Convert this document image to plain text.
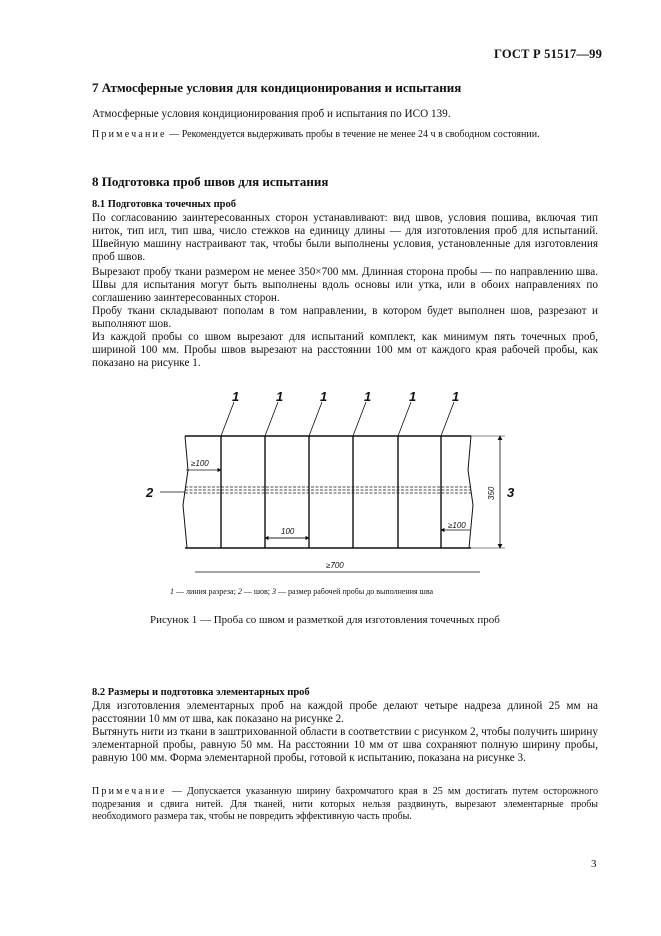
ГОСТ Р 51517—99
7 Атмосферные условия для кондиционирования и испытания
Атмосферные условия кондиционирования проб и испытания по ИСО 139.
Примечание — Рекомендуется выдерживать пробы в течение не менее 24 ч в свободном состоянии.
8 Подготовка проб швов для испытания
8.1 Подготовка точечных проб
По согласованию заинтересованных сторон устанавливают: вид швов, условия пошива, включая тип ниток, тип игл, тип шва, число стежков на единицу длины — для изготовления проб для испытаний. Швейную машину настраивают так, чтобы были выполнены условия, установленные для изготовления проб швов.
Вырезают пробу ткани размером не менее 350×700 мм. Длинная сторона пробы — по направлению шва. Швы для испытания могут быть выполнены вдоль основы или утка, или в обоих направлениях по соглашению заинтересованных сторон.
Пробу ткани складывают пополам в том направлении, в котором будет выполнен шов, разрезают и выполняют шов.
Из каждой пробы со швом вырезают для испытаний комплект, как минимум пять точечных проб, шириной 100 мм. Пробы швов вырезают на расстоянии 100 мм от каждого края рабочей пробы, как показано на рисунке 1.
1	1	1	1	1	1
2	3
≥100
100
≥100
≥700
350
1 — линия разреза; 2 — шов; 3 — размер рабочей пробы до выполнения шва
Рисунок 1 — Проба со швом и разметкой для изготовления точечных проб
8.2 Размеры и подготовка элементарных проб
Для изготовления элементарных проб на каждой пробе делают четыре надреза длиной 25 мм на расстоянии 10 мм от шва, как показано на рисунке 2.
Вытянуть нити из ткани в заштрихованной области в соответствии с рисунком 2, чтобы получить ширину элементарной пробы, равную 50 мм. На расстоянии 10 мм от шва сохраняют полную ширину пробы, равную 100 мм. Форма элементарной пробы, готовой к испытанию, показана на рисунке 3.
Примечание — Допускается указанную ширину бахромчатого края в 25 мм достигать путем осторожного подрезания и сдвига нитей. Для тканей, нити которых нельзя раздвинуть, вырезают элементарные пробы необходимого размера так, чтобы не повредить эффективную часть пробы.
3
